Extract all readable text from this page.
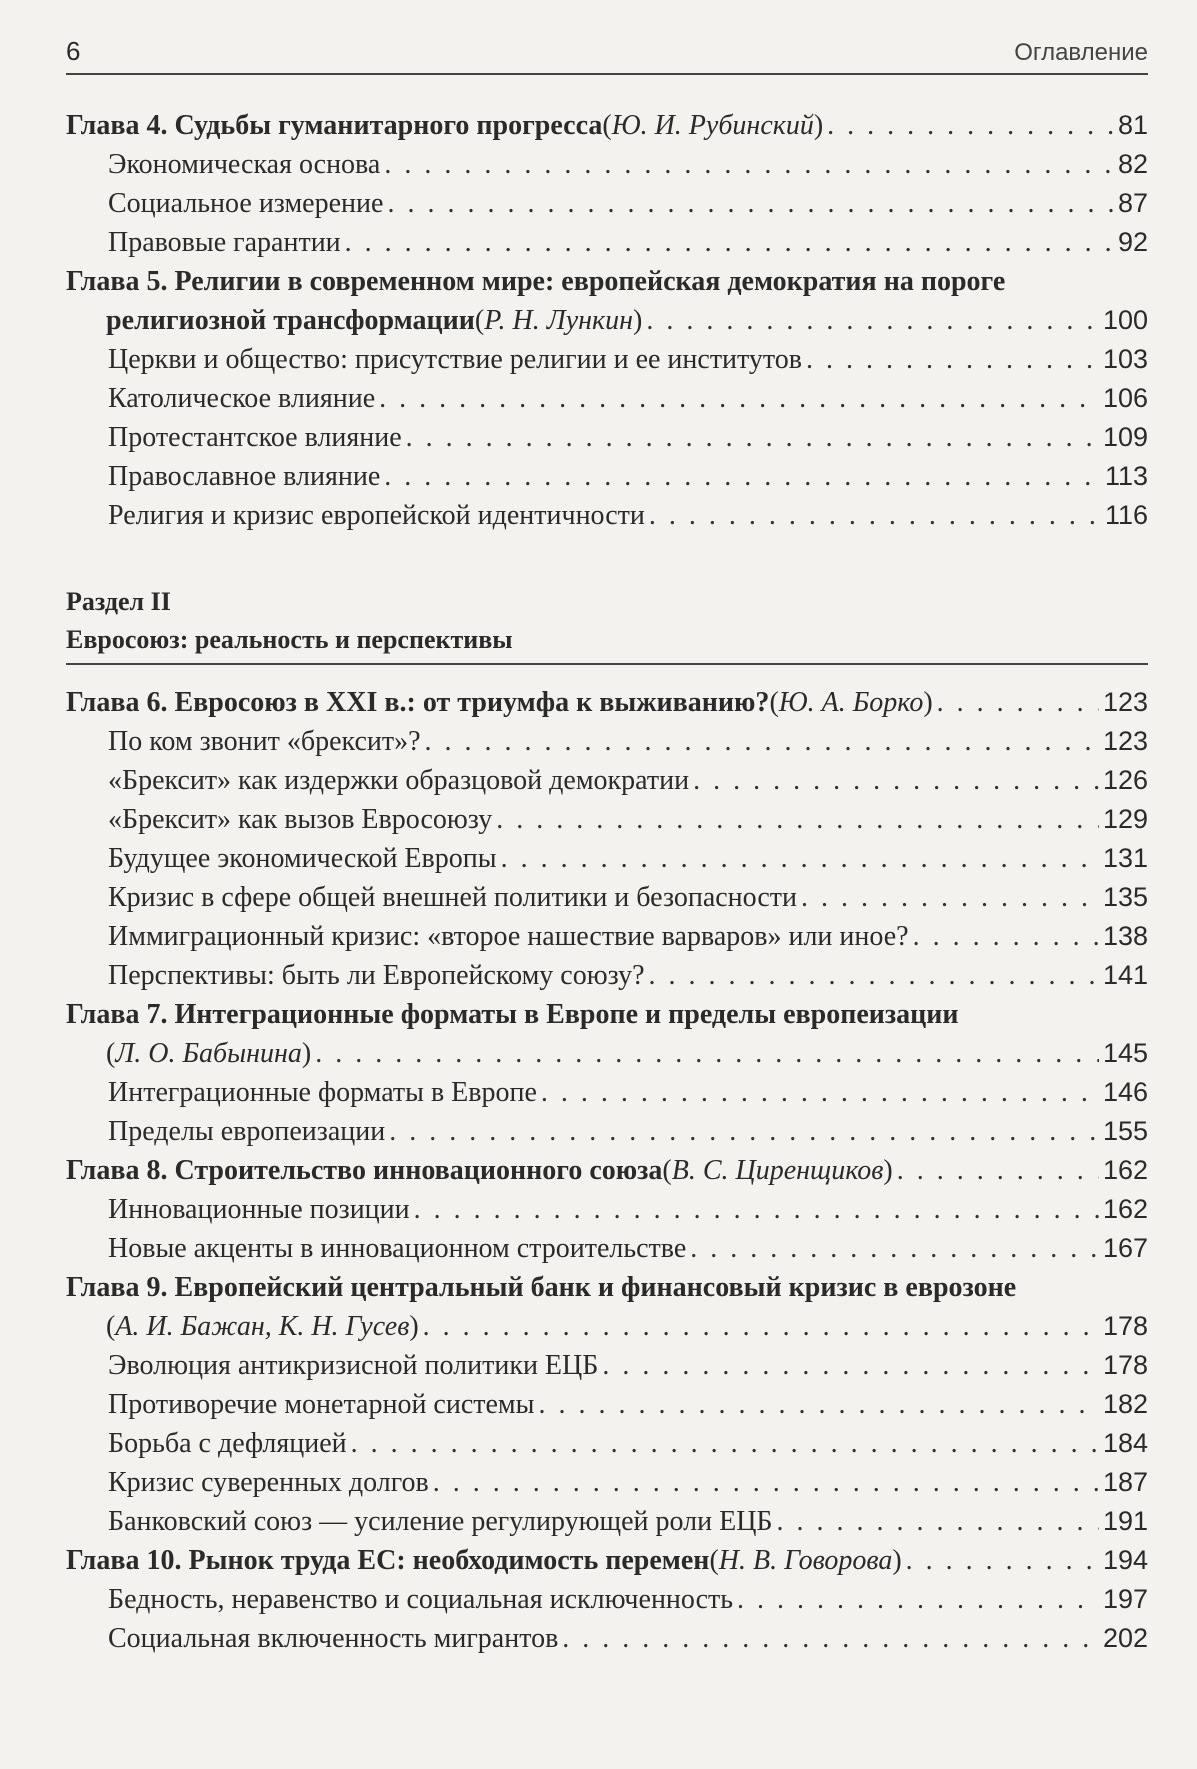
6	Оглавление
Глава 4. Судьбы гуманитарного прогресса (Ю. И. Рубинский) . . .	81
Экономическая основа . . .	82
Социальное измерение . . .	87
Правовые гарантии . . .	92
Глава 5. Религии в современном мире: европейская демократия на пороге
религиозной трансформации (Р. Н. Лункин) . . .	100
Церкви и общество: присутствие религии и ее институтов . . .	103
Католическое влияние . . .	106
Протестантское влияние . . .	109
Православное влияние . . .	113
Религия и кризис европейской идентичности . . .	116
Раздел II
Евросоюз: реальность и перспективы
Глава 6. Евросоюз в XXI в.: от триумфа к выживанию? (Ю. А. Борко) . . .	123
По ком звонит «брексит»? . . .	123
«Брексит» как издержки образцовой демократии . . .	126
«Брексит» как вызов Евросоюзу . . .	129
Будущее экономической Европы . . .	131
Кризис в сфере общей внешней политики и безопасности . . .	135
Иммиграционный кризис: «второе нашествие варваров» или иное? . . .	138
Перспективы: быть ли Европейскому союзу? . . .	141
Глава 7. Интеграционные форматы в Европе и пределы европеизации
(Л. О. Бабынина) . . .	145
Интеграционные форматы в Европе . . .	146
Пределы европеизации . . .	155
Глава 8. Строительство инновационного союза (В. С. Циренщиков) . . .	162
Инновационные позиции . . .	162
Новые акценты в инновационном строительстве . . .	167
Глава 9. Европейский центральный банк и финансовый кризис в еврозоне
(А. И. Бажан, К. Н. Гусев) . . .	178
Эволюция антикризисной политики ЕЦБ . . .	178
Противоречие монетарной системы . . .	182
Борьба с дефляцией . . .	184
Кризис суверенных долгов . . .	187
Банковский союз — усиление регулирующей роли ЕЦБ . . .	191
Глава 10. Рынок труда ЕС: необходимость перемен (Н. В. Говорова) . . .	194
Бедность, неравенство и социальная исключенность . . .	197
Социальная включенность мигрантов . . .	202
